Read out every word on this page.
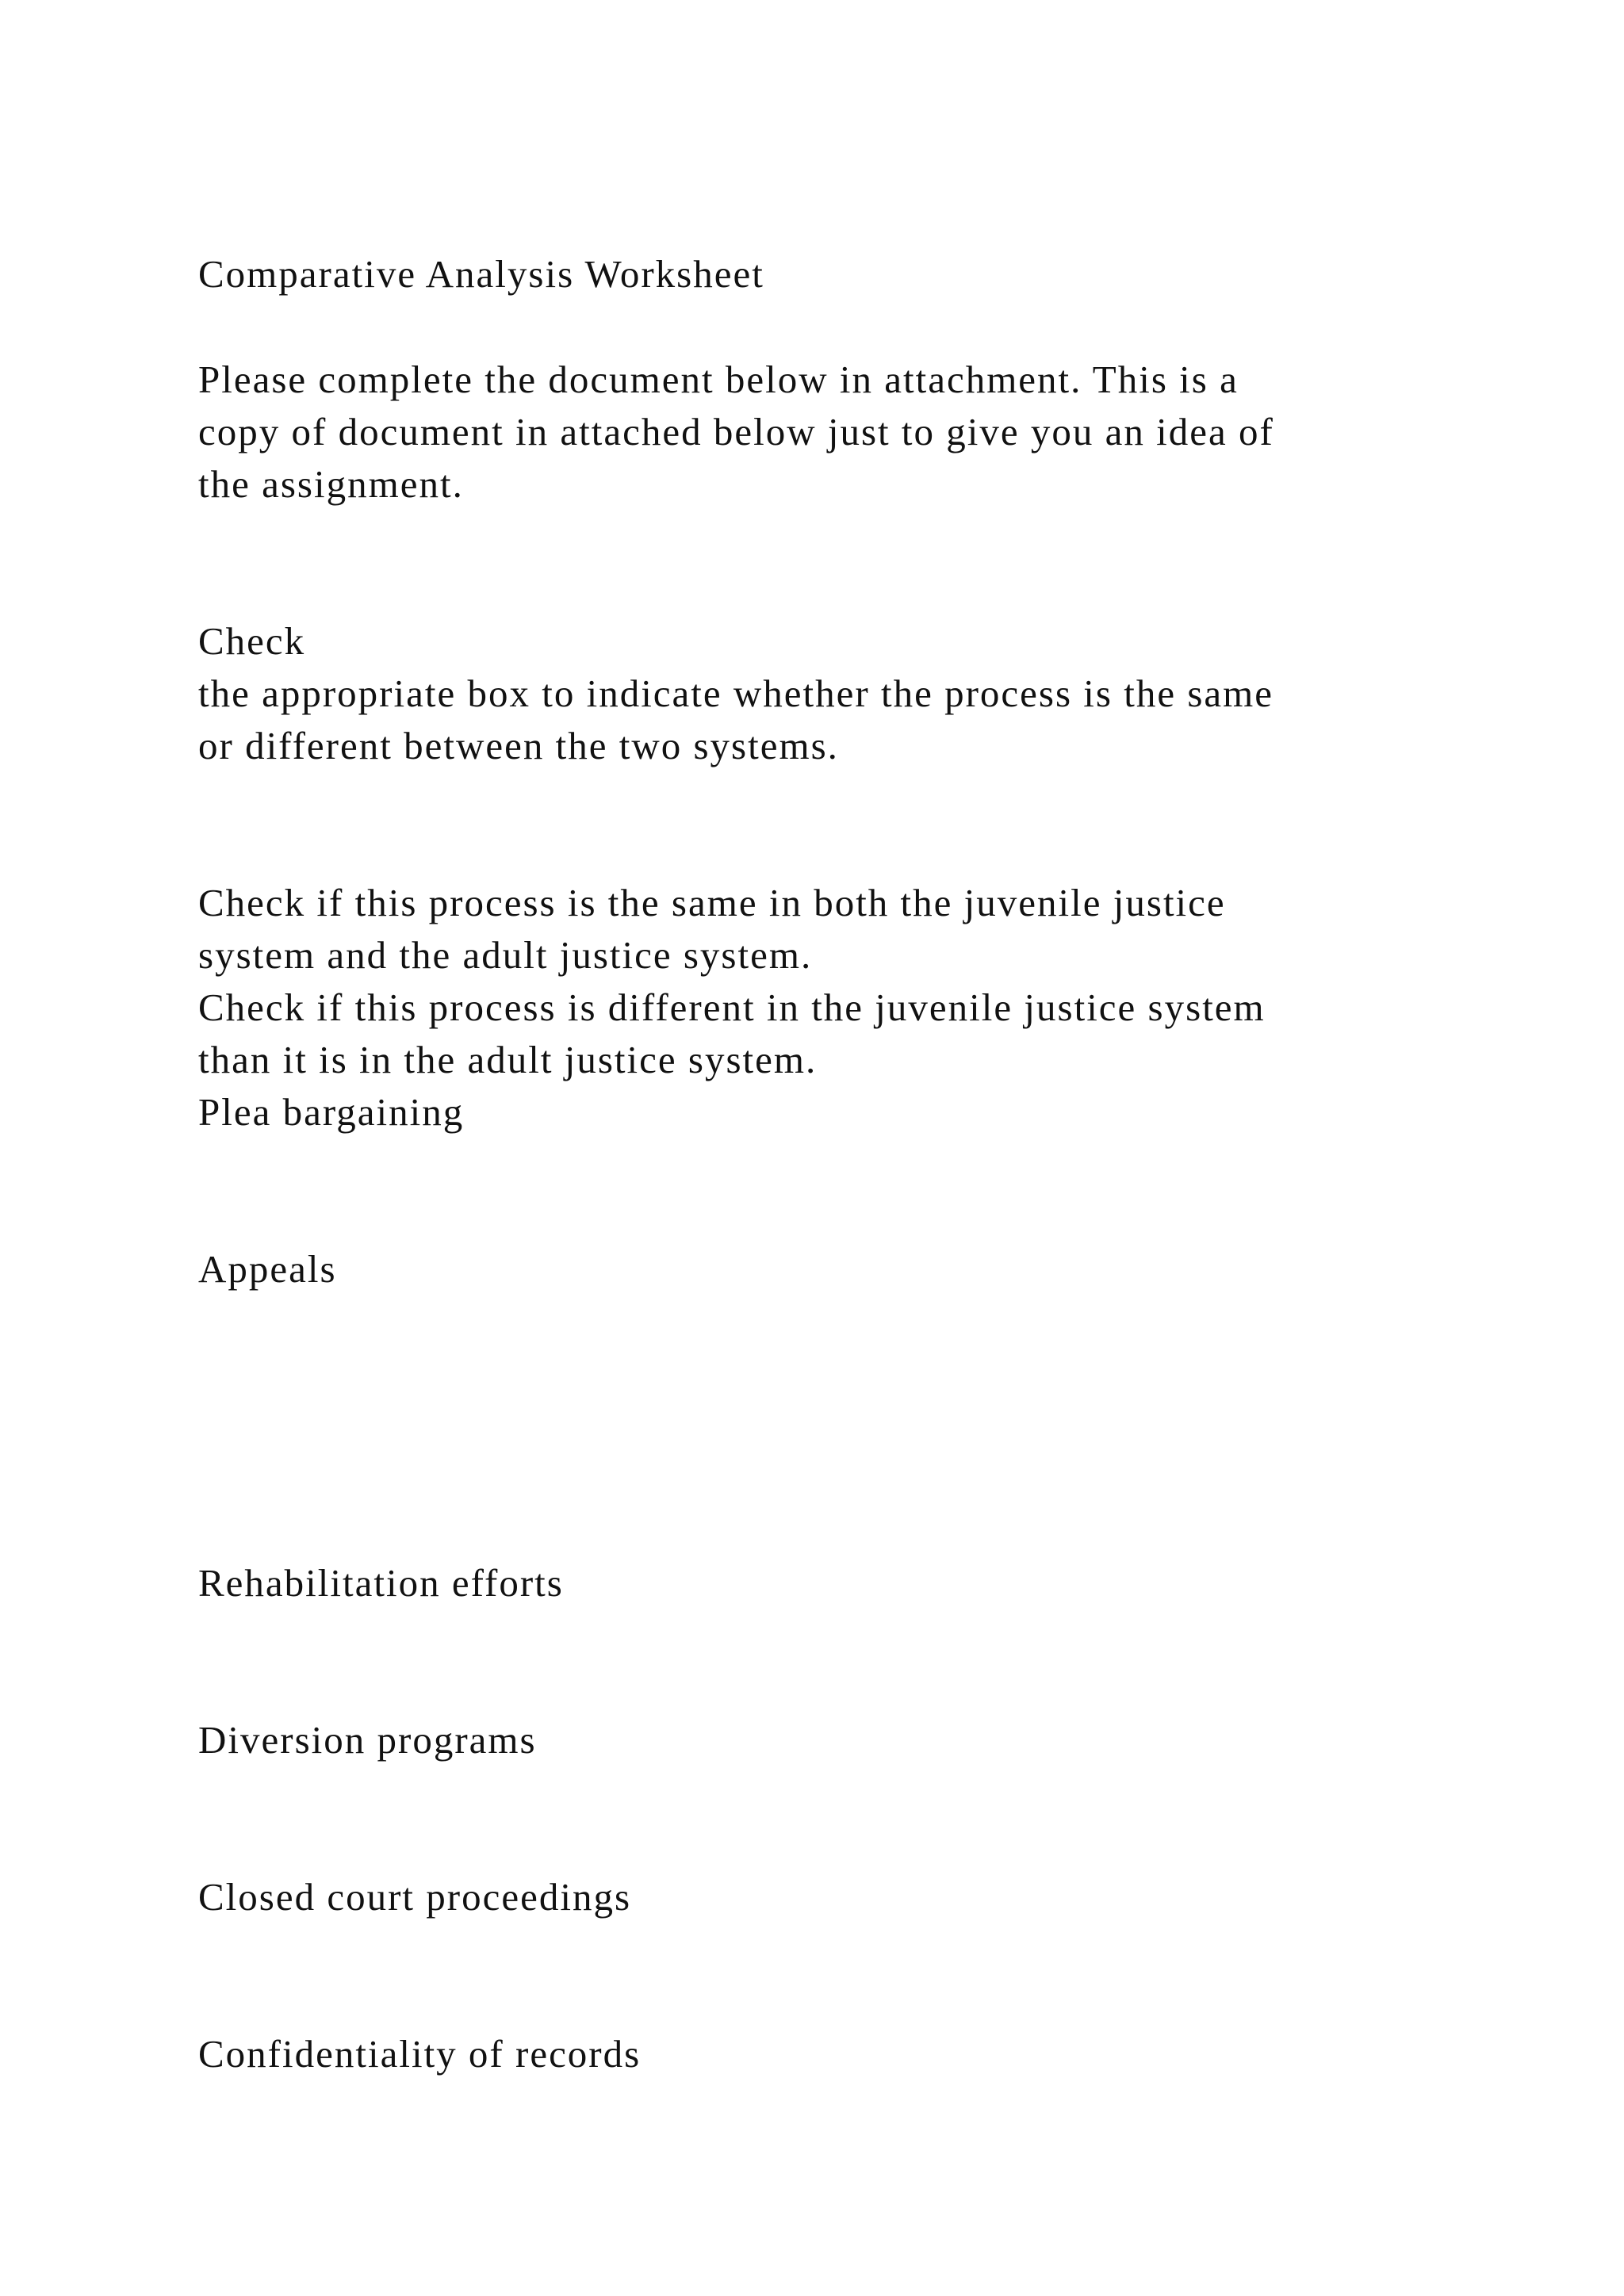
Comparative Analysis Worksheet

Please complete the document below in attachment. This is a

copy of document in attached below just to give you an idea of

the assignment.

Check

the appropriate box to indicate whether the process is the same

or different between the two systems.

Check if this process is the same in both the juvenile justice

system and the adult justice system.

Check if this process is different in the juvenile justice system

than it is in the adult justice system.

Plea bargaining

Appeals

Rehabilitation efforts

Diversion programs

Closed court proceedings

Confidentiality of records
